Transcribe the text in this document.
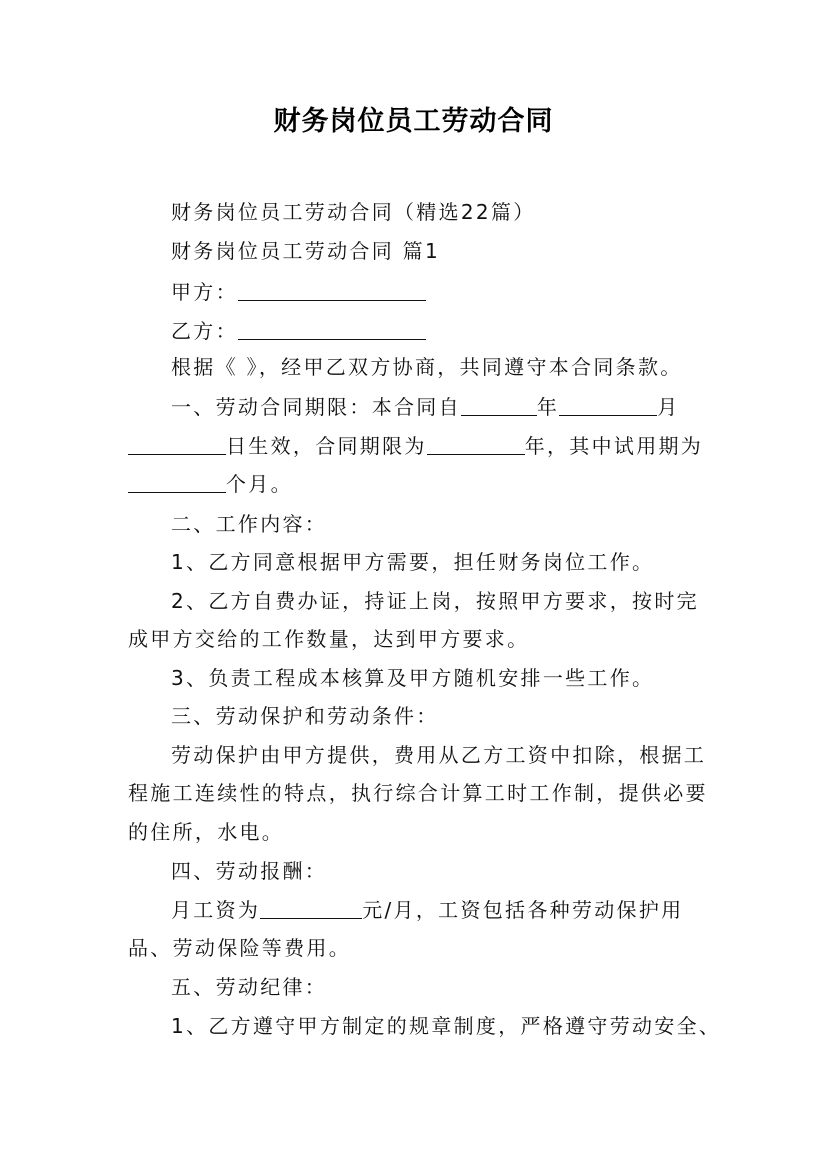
财务岗位员工劳动合同
财务岗位员工劳动合同（精选22篇）
财务岗位员工劳动合同 篇1
甲方：
乙方：
根据《 》，经甲乙双方协商，共同遵守本合同条款。
一、劳动合同期限：本合同自	年	月
日生效，合同期限为	年，其中试用期为
个月。
二、工作内容：
1、乙方同意根据甲方需要，担任财务岗位工作。
2、乙方自费办证，持证上岗，按照甲方要求，按时完
成甲方交给的工作数量，达到甲方要求。
3、负责工程成本核算及甲方随机安排一些工作。
三、劳动保护和劳动条件：
劳动保护由甲方提供，费用从乙方工资中扣除，根据工
程施工连续性的特点，执行综合计算工时工作制，提供必要
的住所，水电。
四、劳动报酬：
月工资为	元/月，工资包括各种劳动保护用
品、劳动保险等费用。
五、劳动纪律：
1、乙方遵守甲方制定的规章制度，严格遵守劳动安全、
